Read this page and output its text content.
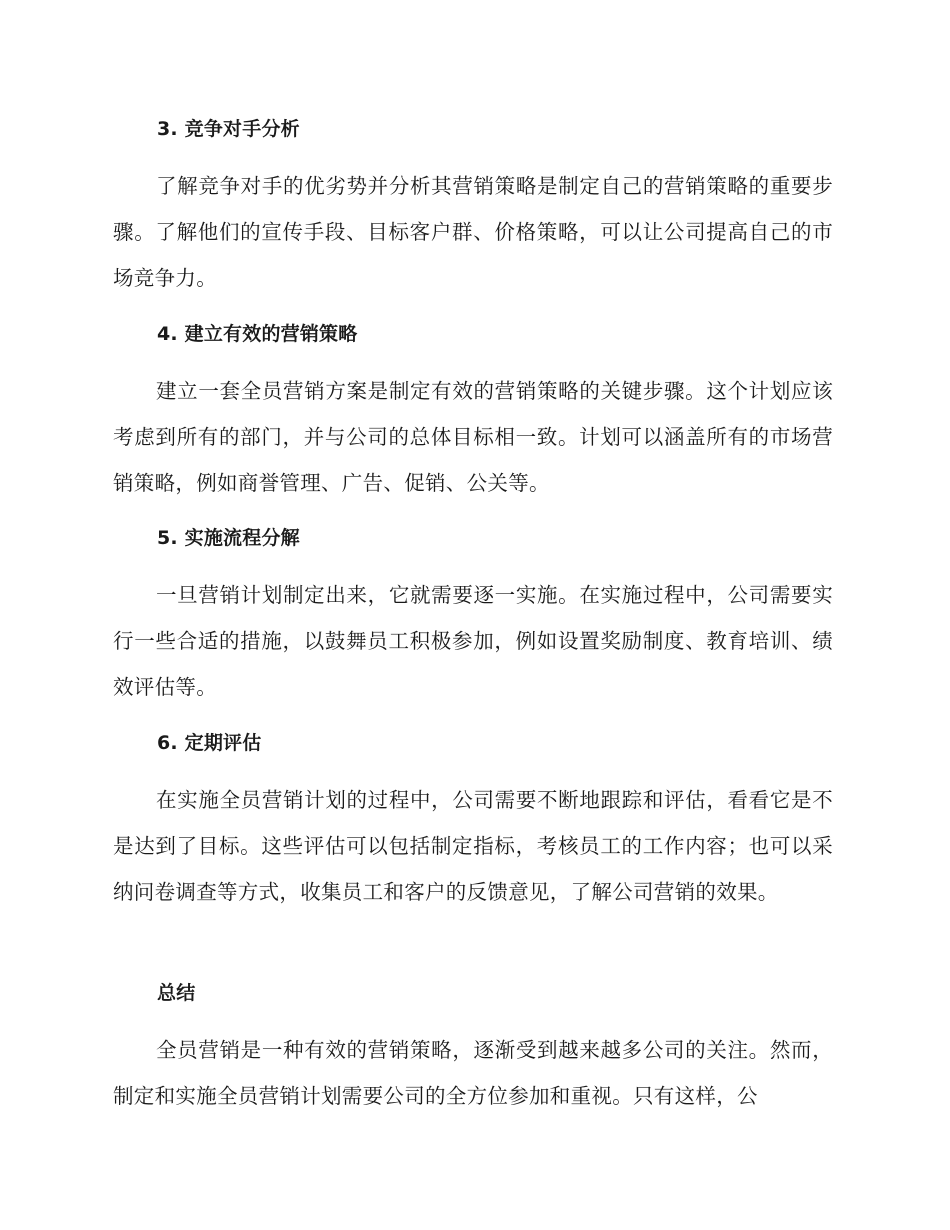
3. 竞争对手分析
了解竞争对手的优劣势并分析其营销策略是制定自己的营销策略的重要步骤。了解他们的宣传手段、目标客户群、价格策略，可以让公司提高自己的市场竞争力。
4. 建立有效的营销策略
建立一套全员营销方案是制定有效的营销策略的关键步骤。这个计划应该考虑到所有的部门，并与公司的总体目标相一致。计划可以涵盖所有的市场营销策略，例如商誉管理、广告、促销、公关等。
5. 实施流程分解
一旦营销计划制定出来，它就需要逐一实施。在实施过程中，公司需要实行一些合适的措施，以鼓舞员工积极参加，例如设置奖励制度、教育培训、绩效评估等。
6. 定期评估
在实施全员营销计划的过程中，公司需要不断地跟踪和评估，看看它是不是达到了目标。这些评估可以包括制定指标，考核员工的工作内容；也可以采纳问卷调查等方式，收集员工和客户的反馈意见，了解公司营销的效果。
总结
全员营销是一种有效的营销策略，逐渐受到越来越多公司的关注。然而，制定和实施全员营销计划需要公司的全方位参加和重视。只有这样，公
